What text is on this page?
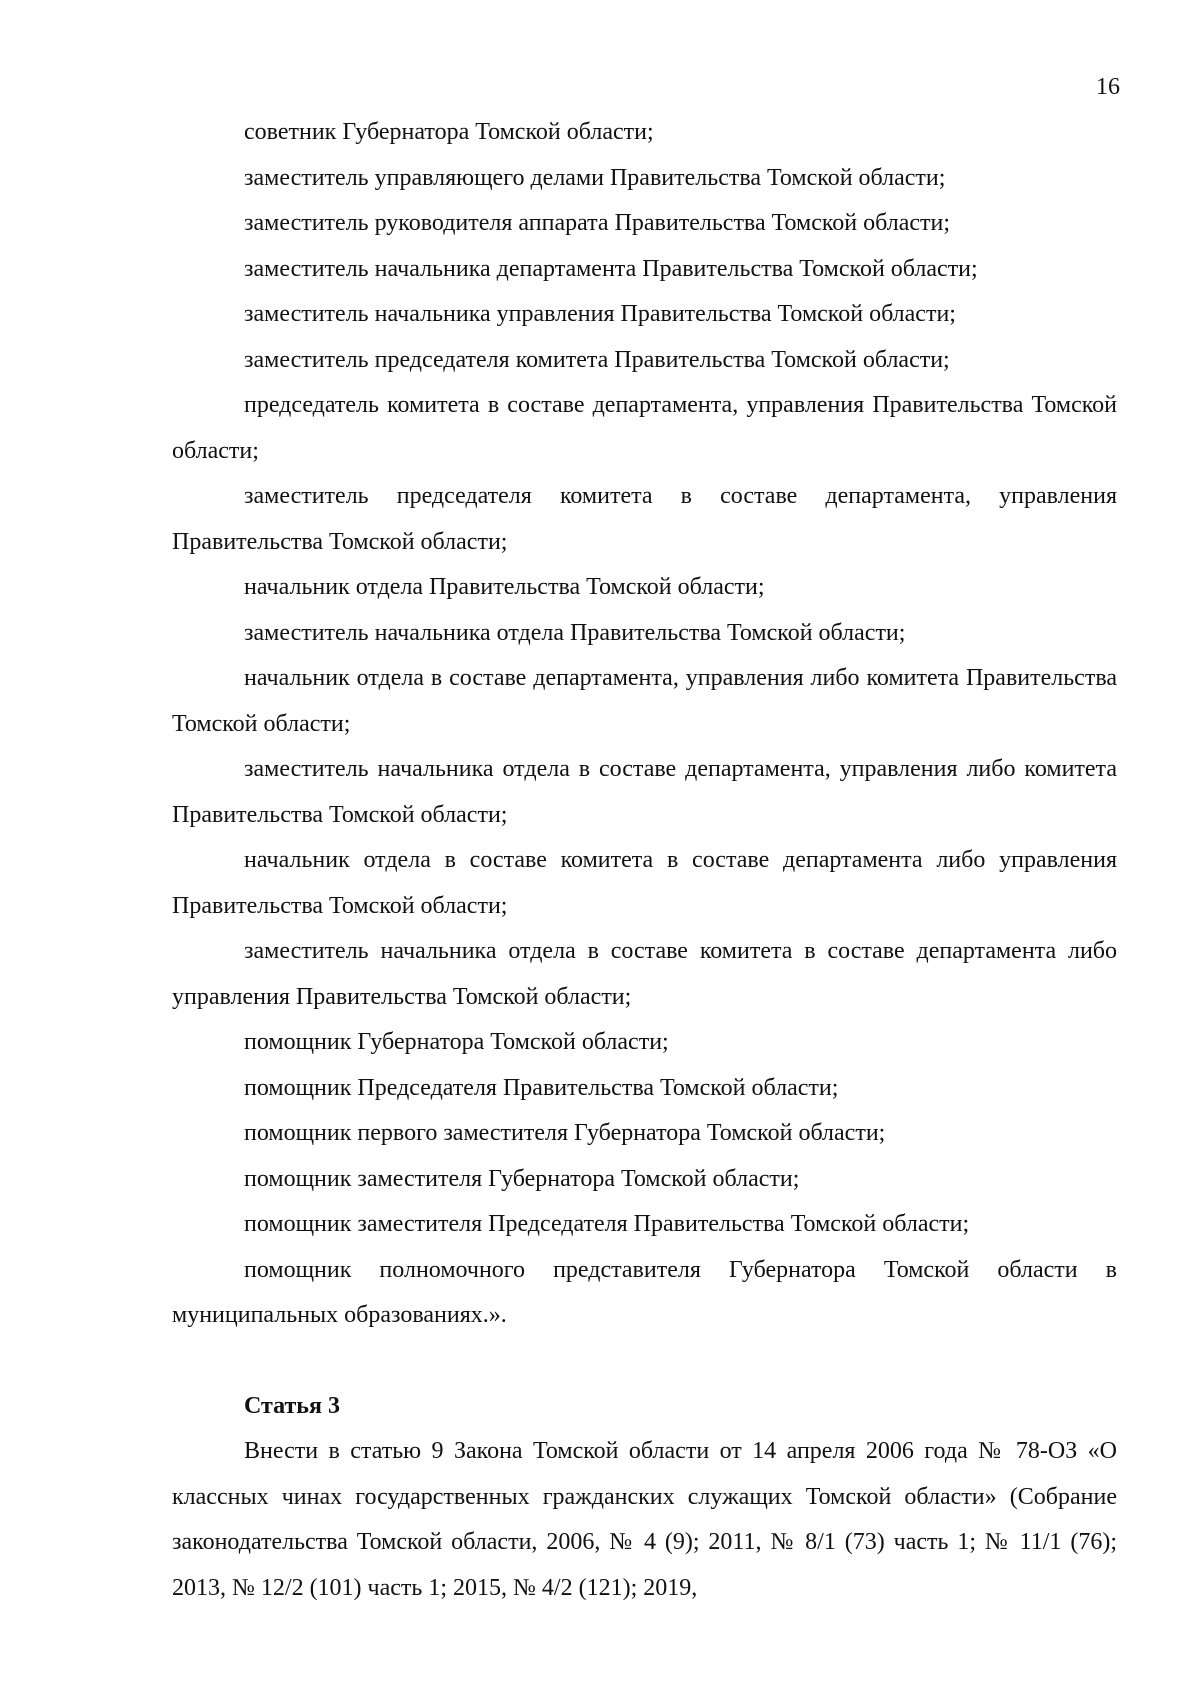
16

советник Губернатора Томской области;

заместитель управляющего делами Правительства Томской области;

заместитель руководителя аппарата Правительства Томской области;

заместитель начальника департамента Правительства Томской области;

заместитель начальника управления Правительства Томской области;

заместитель председателя комитета Правительства Томской области;

председатель комитета в составе департамента, управления Правительства Томской области;

заместитель председателя комитета в составе департамента, управления Правительства Томской области;

начальник отдела Правительства Томской области;

заместитель начальника отдела Правительства Томской области;

начальник отдела в составе департамента, управления либо комитета Правительства Томской области;

заместитель начальника отдела в составе департамента, управления либо комитета Правительства Томской области;

начальник отдела в составе комитета в составе департамента либо управления Правительства Томской области;

заместитель начальника отдела в составе комитета в составе департамента либо управления Правительства Томской области;

помощник Губернатора Томской области;

помощник Председателя Правительства Томской области;

помощник первого заместителя Губернатора Томской области;

помощник заместителя Губернатора Томской области;

помощник заместителя Председателя Правительства Томской области;

помощник полномочного представителя Губернатора Томской области в муниципальных образованиях.».

Статья 3

Внести в статью 9 Закона Томской области от 14 апреля 2006 года № 78-ОЗ «О классных чинах государственных гражданских служащих Томской области» (Собрание законодательства Томской области, 2006, № 4 (9); 2011, № 8/1 (73) часть 1; № 11/1 (76); 2013, № 12/2 (101) часть 1; 2015, № 4/2 (121); 2019,
